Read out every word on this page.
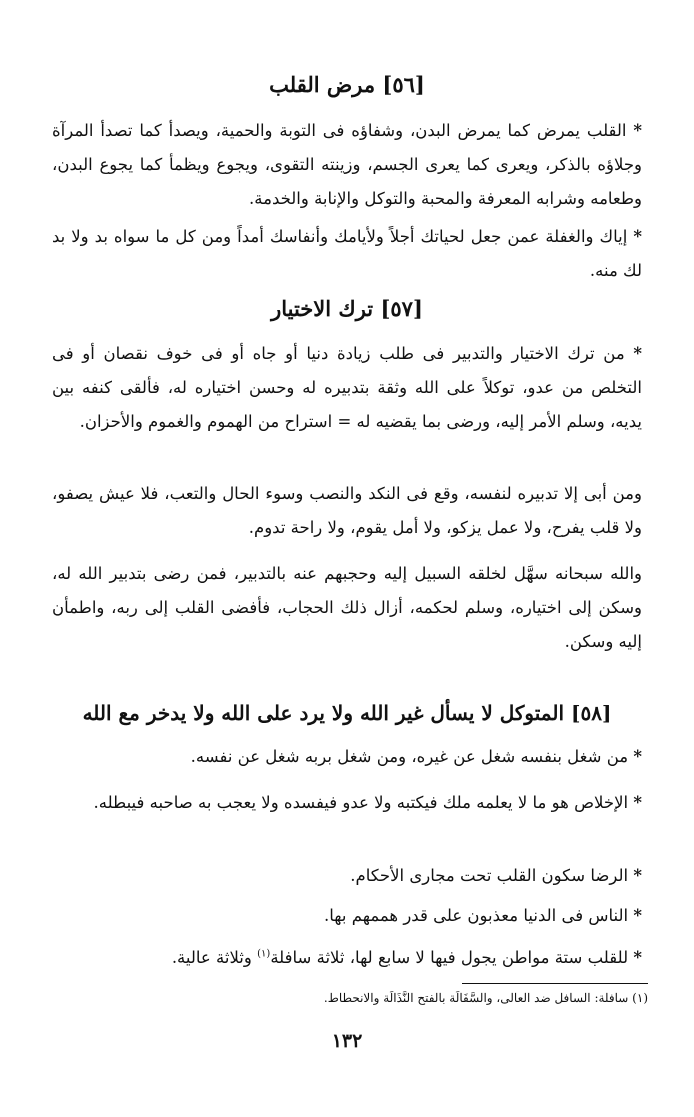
[٥٦] مرض القلب
* القلب يمرض كما يمرض البدن، وشفاؤه فى التوبة والحمية، ويصدأ كما تصدأ المرآة وجلاؤه بالذكر، ويعرى كما يعرى الجسم، وزينته التقوى، ويجوع ويظمأ كما يجوع البدن، وطعامه وشرابه المعرفة والمحبة والتوكل والإنابة والخدمة.
* إياك والغفلة عمن جعل لحياتك أجلاً ولأيامك وأنفاسك أمداً ومن كل ما سواه بد ولا بد لك منه.
[٥٧] ترك الاختيار
* من ترك الاختيار والتدبير فى طلب زيادة دنيا أو جاه أو فى خوف نقصان أو فى التخلص من عدو، توكلاً على الله وثقة بتدبيره له وحسن اختياره له، فألقى كنفه بين يديه، وسلم الأمر إليه، ورضى بما يقضيه له = استراح من الهموم والغموم والأحزان.
ومن أبى إلا تدبيره لنفسه، وقع فى النكد والنصب وسوء الحال والتعب، فلا عيش يصفو، ولا قلب يفرح، ولا عمل يزكو، ولا أمل يقوم، ولا راحة تدوم.
والله سبحانه سهَّل لخلقه السبيل إليه وحجبهم عنه بالتدبير، فمن رضى بتدبير الله له، وسكن إلى اختياره، وسلم لحكمه، أزال ذلك الحجاب، فأفضى القلب إلى ربه، واطمأن إليه وسكن.
[٥٨] المتوكل لا يسأل غير الله ولا يرد على الله ولا يدخر مع الله
* من شغل بنفسه شغل عن غيره، ومن شغل بربه شغل عن نفسه.
* الإخلاص هو ما لا يعلمه ملك فيكتبه ولا عدو فيفسده ولا يعجب به صاحبه فيبطله.
* الرضا سكون القلب تحت مجارى الأحكام.
* الناس فى الدنيا معذبون على قدر هممهم بها.
* للقلب ستة مواطن يجول فيها لا سابع لها، ثلاثة سافلة$^{(١)}$ وثلاثة عالية.
(١) سافلة: السافل ضد العالى، والسَّفَالَة بالفتح النَّذَالَة والانحطاط.
١٣٢
